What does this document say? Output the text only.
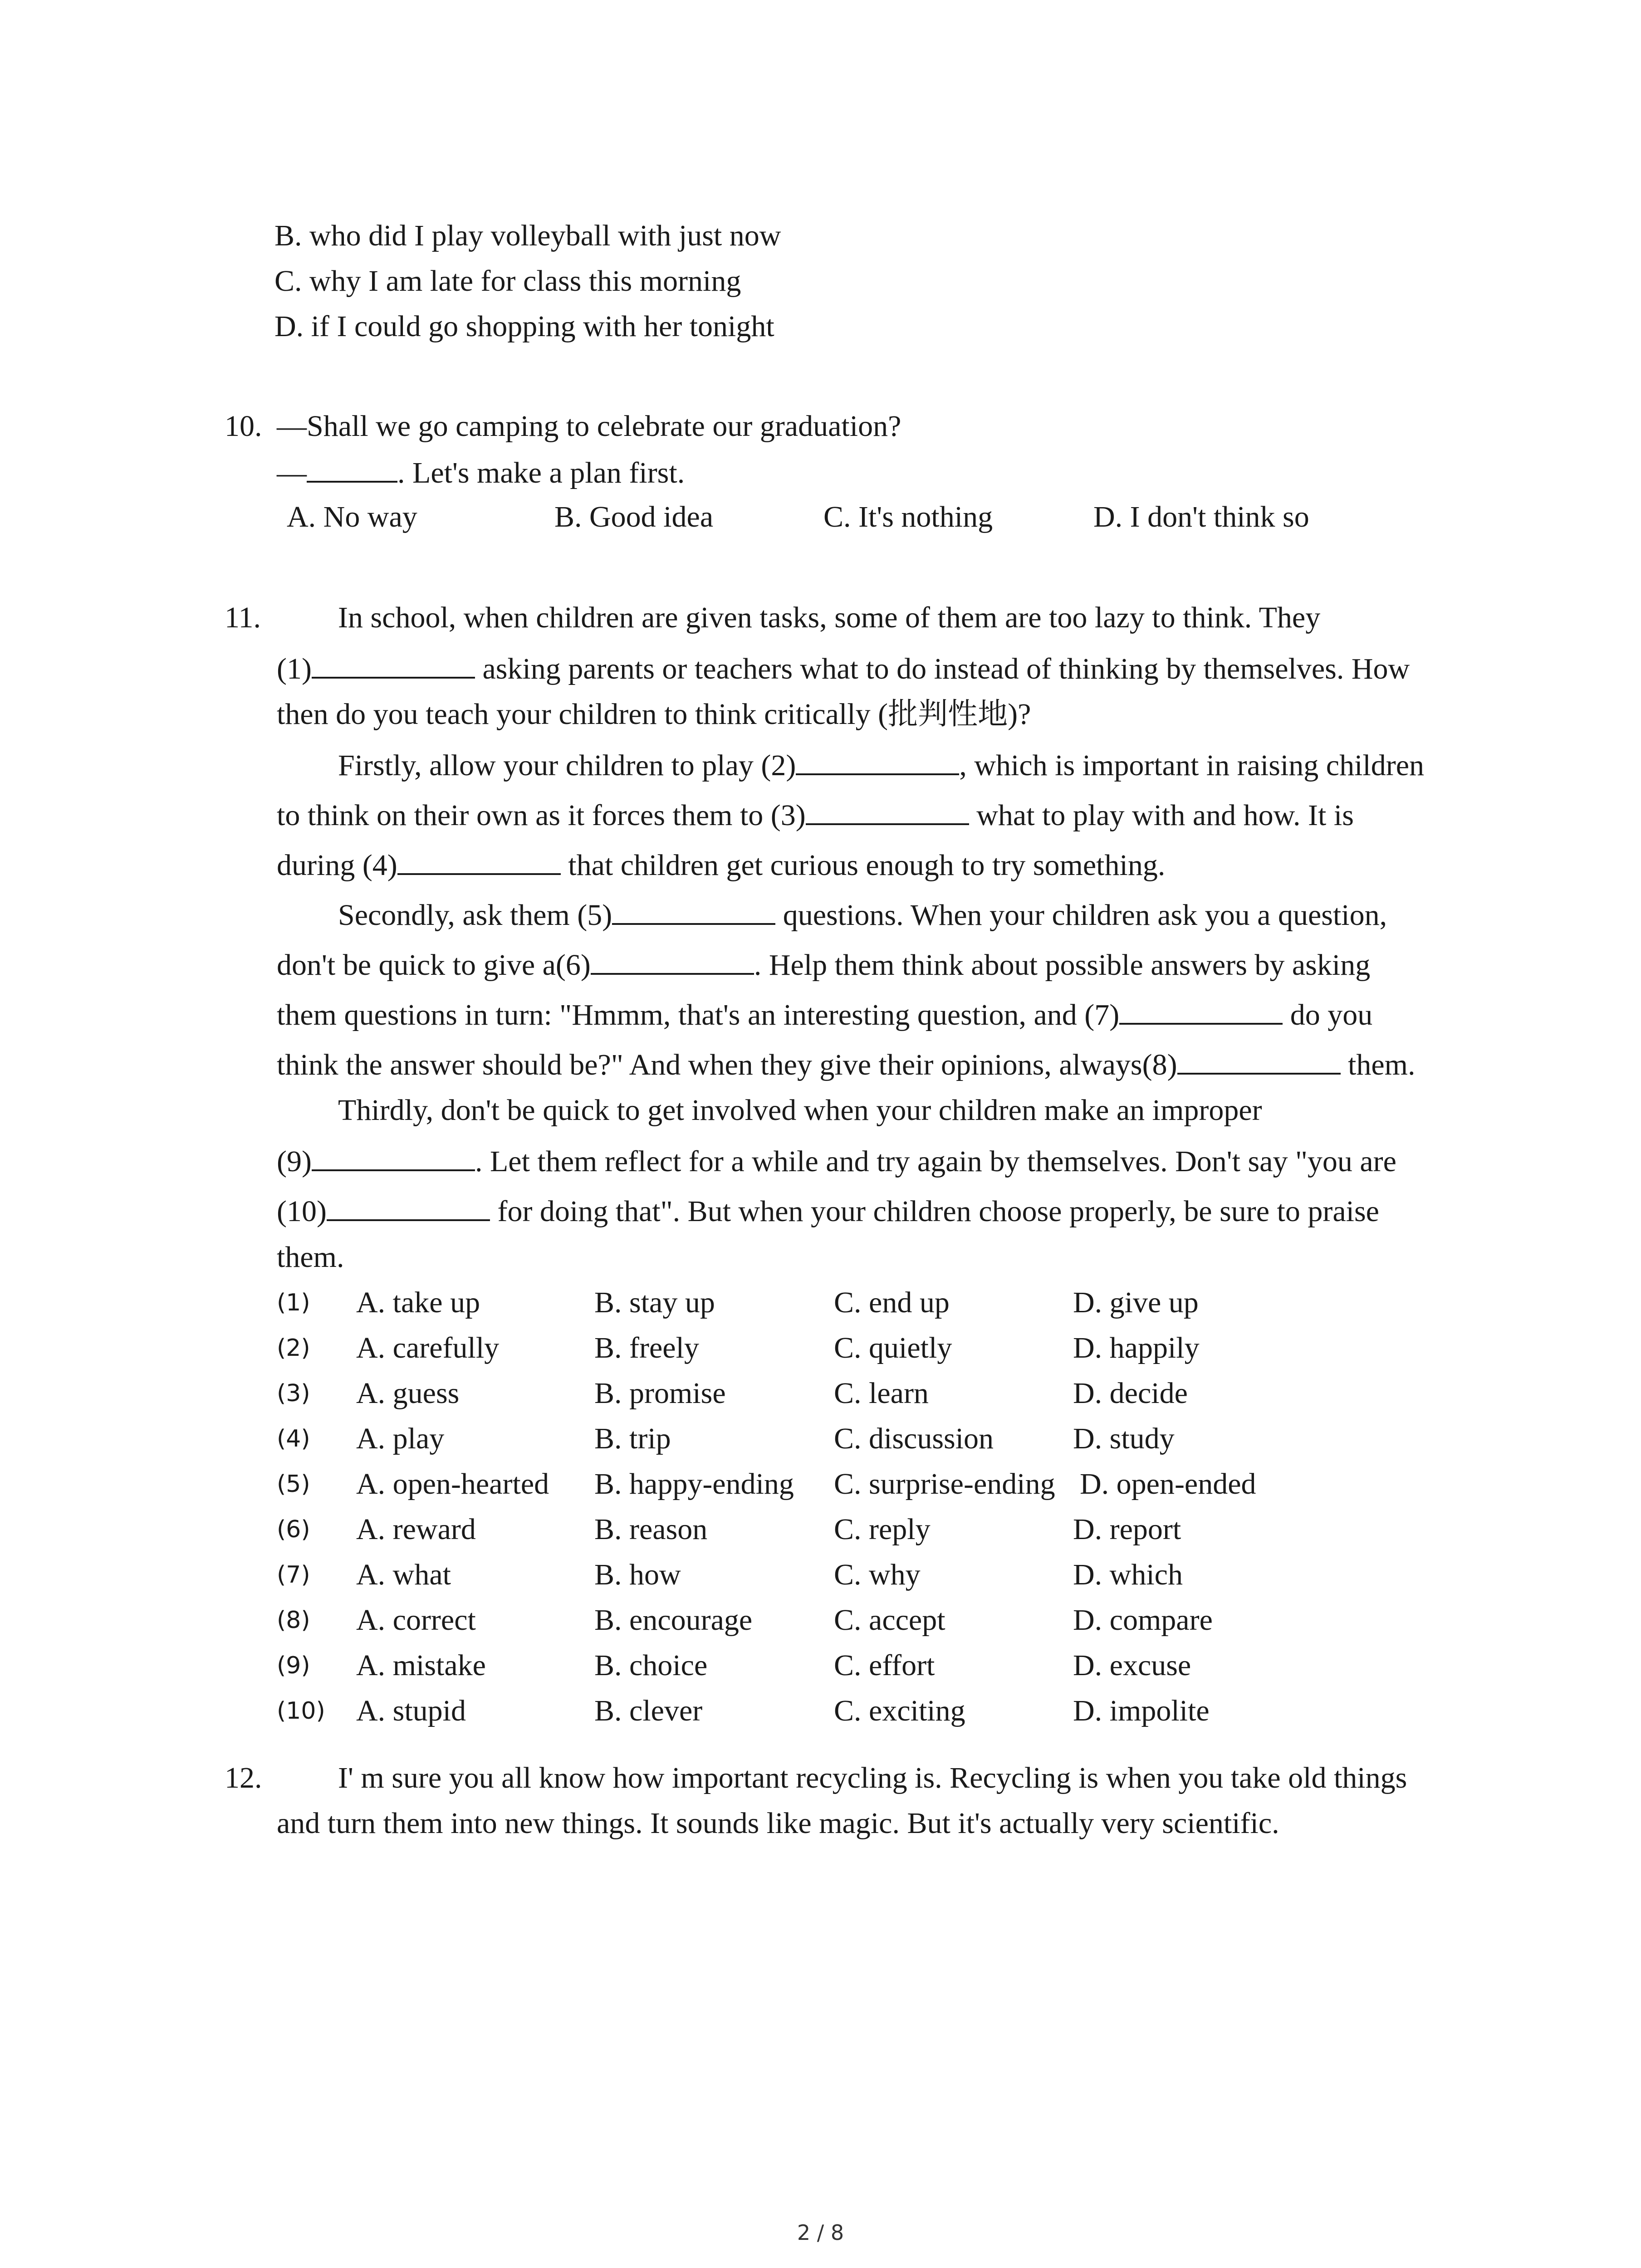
B. who did I play volleyball with just now
C. why I am late for class this morning
D. if I could go shopping with her tonight
10. —Shall we go camping to celebrate our graduation?
—	. Let's make a plan first.
A. No way	B. Good idea	C. It's nothing	D. I don't think so
11.	In school, when children are given tasks, some of them are too lazy to think. They
(1)	asking parents or teachers what to do instead of thinking by themselves. How
then do you teach your children to think critically (批判性地)?
Firstly, allow your children to play (2)	, which is important in raising children
to think on their own as it forces them to (3)	what to play with and how. It is
during (4)	that children get curious enough to try something.
Secondly, ask them (5)	questions. When your children ask you a question,
don't be quick to give a(6)	. Help them think about possible answers by asking
them questions in turn: "Hmmm, that's an interesting question, and (7)	do you
think the answer should be?" And when they give their opinions, always(8)	them.
Thirdly, don't be quick to get involved when your children make an improper
(9)	. Let them reflect for a while and try again by themselves. Don't say "you are
(10)	for doing that". But when your children choose properly, be sure to praise
them.
(1) A. take up	B. stay up	C. end up	D. give up
(2) A. carefully	B. freely	C. quietly	D. happily
(3) A. guess	B. promise	C. learn	D. decide
(4) A. play	B. trip	C. discussion	D. study
(5) A. open-hearted B. happy-ending C. surprise-ending D. open-ended
(6) A. reward	B. reason	C. reply	D. report
(7) A. what	B. how	C. why	D. which
(8) A. correct	B. encourage	C. accept	D. compare
(9) A. mistake	B. choice	C. effort	D. excuse
(10) A. stupid	B. clever	C. exciting	D. impolite
12.	I' m sure you all know how important recycling is. Recycling is when you take old things
and turn them into new things. It sounds like magic. But it's actually very scientific.
2 / 8
